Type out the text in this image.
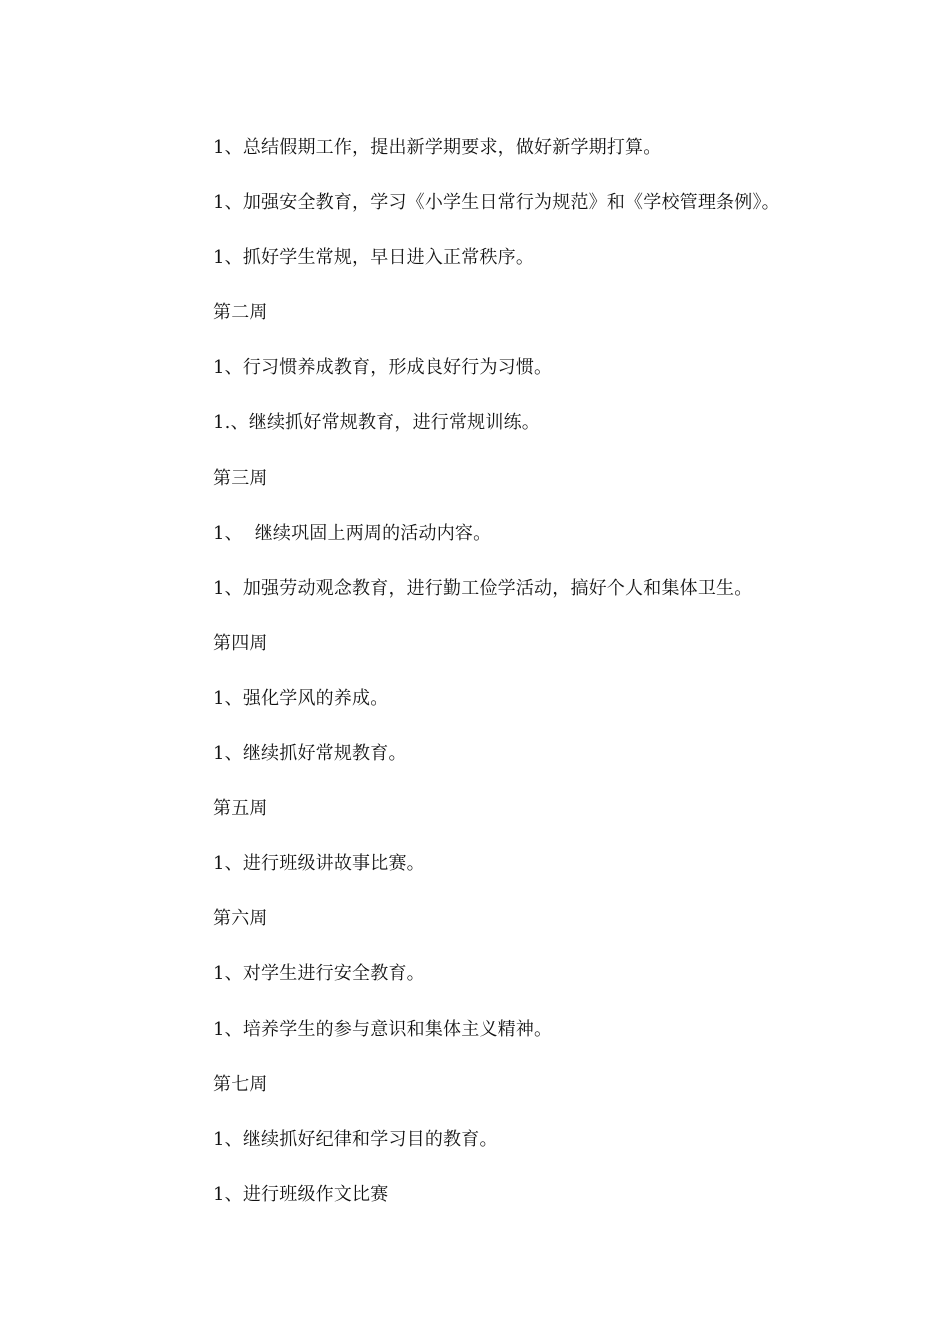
1、总结假期工作，提出新学期要求，做好新学期打算。
1、加强安全教育，学习《小学生日常行为规范》和《学校管理条例》。
1、抓好学生常规，早日进入正常秩序。
第二周
1、行习惯养成教育，形成良好行为习惯。
1.、继续抓好常规教育，进行常规训练。
第三周
1、  继续巩固上两周的活动内容。
1、加强劳动观念教育，进行勤工俭学活动，搞好个人和集体卫生。
第四周
1、强化学风的养成。
1、继续抓好常规教育。
第五周
1、进行班级讲故事比赛。
第六周
1、对学生进行安全教育。
1、培养学生的参与意识和集体主义精神。
第七周
1、继续抓好纪律和学习目的教育。
1、进行班级作文比赛
